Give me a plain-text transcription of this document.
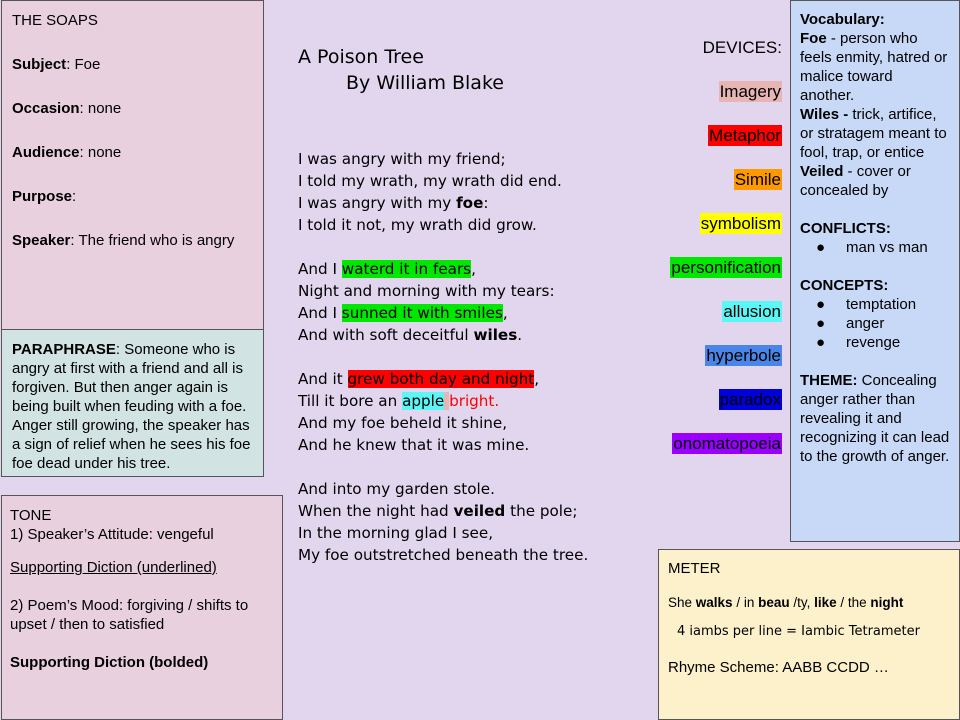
THE SOAPS

Subject: Foe

Occasion: none

Audience: none

Purpose:

Speaker: The friend who is angry

PARAPHRASE: Someone who is angry at first with a friend and all is forgiven. But then anger again is being built when feuding with a foe. Anger still growing, the speaker has a sign of relief when he sees his foe foe dead under his tree.

TONE

1) Speaker’s Attitude: vengeful

Supporting Diction (underlined)

2) Poem’s Mood: forgiving / shifts to upset / then to satisfied

Supporting Diction (bolded)

A Poison Tree
By William Blake
I was angry with my friend;
I told my wrath, my wrath did end.
I was angry with my foe:
I told it not, my wrath did grow.
And I waterd it in fears,
Night and morning with my tears:
And I sunned it with smiles,
And with soft deceitful wiles.
And it grew both day and night,
Till it bore an apple bright.
And my foe beheld it shine,
And he knew that it was mine.
And into my garden stole.
When the night had veiled the pole;
In the morning glad I see,
My foe outstretched beneath the tree.
DEVICES:
Imagery
Metaphor
Simile
symbolism
personification
allusion
hyperbole
paradox
onomatopoeia

Vocabulary:

Foe - person who feels enmity, hatred or malice toward another.

Wiles - trick, artifice, or stratagem meant to fool, trap, or entice

Veiled - cover or concealed by

CONFLICTS:

● man vs man

CONCEPTS:

● temptation
● anger
● revenge

THEME: Concealing anger rather than revealing it and recognizing it can lead to the growth of anger.

METER
She walks / in beau /ty, like / the night
4 iambs per line = Iambic Tetrameter
Rhyme Scheme: AABB CCDD …
